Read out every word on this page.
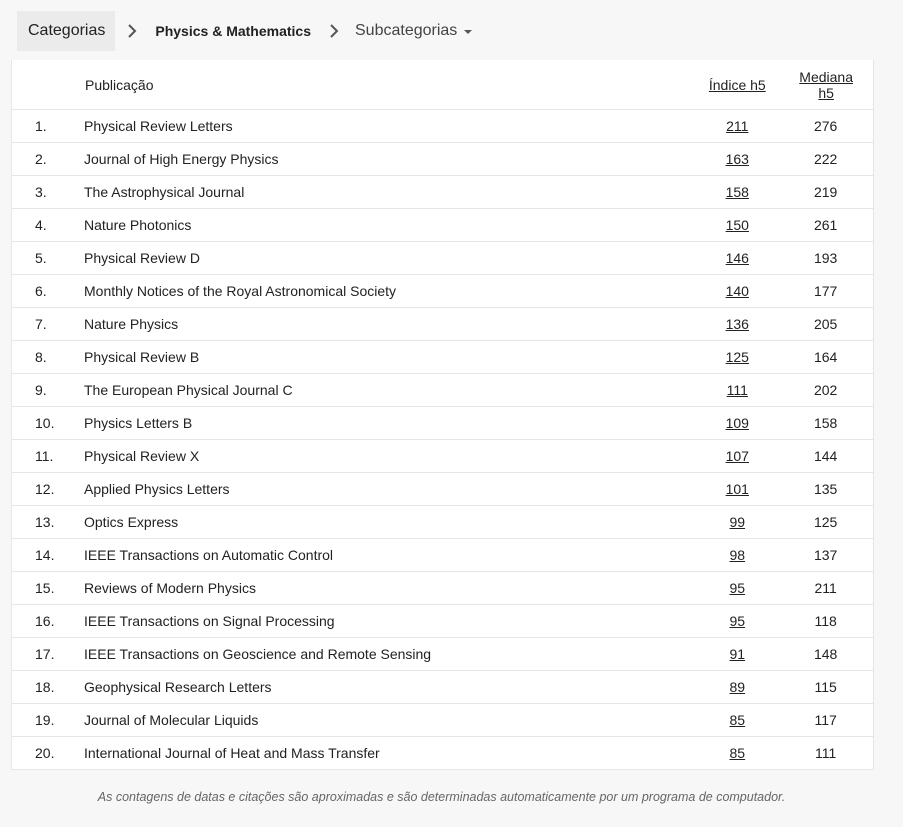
Categorias	Physics & Mathematics	Subcategorias
	Publicação	Índice h5	Mediana
h5
1.	Physical Review Letters	211	276
2.	Journal of High Energy Physics	163	222
3.	The Astrophysical Journal	158	219
4.	Nature Photonics	150	261
5.	Physical Review D	146	193
6.	Monthly Notices of the Royal Astronomical Society	140	177
7.	Nature Physics	136	205
8.	Physical Review B	125	164
9.	The European Physical Journal C	111	202
10.	Physics Letters B	109	158
11.	Physical Review X	107	144
12.	Applied Physics Letters	101	135
13.	Optics Express	99	125
14.	IEEE Transactions on Automatic Control	98	137
15.	Reviews of Modern Physics	95	211
16.	IEEE Transactions on Signal Processing	95	118
17.	IEEE Transactions on Geoscience and Remote Sensing	91	148
18.	Geophysical Research Letters	89	115
19.	Journal of Molecular Liquids	85	117
20.	International Journal of Heat and Mass Transfer	85	111
As contagens de datas e citações são aproximadas e são determinadas automaticamente por um programa de computador.
